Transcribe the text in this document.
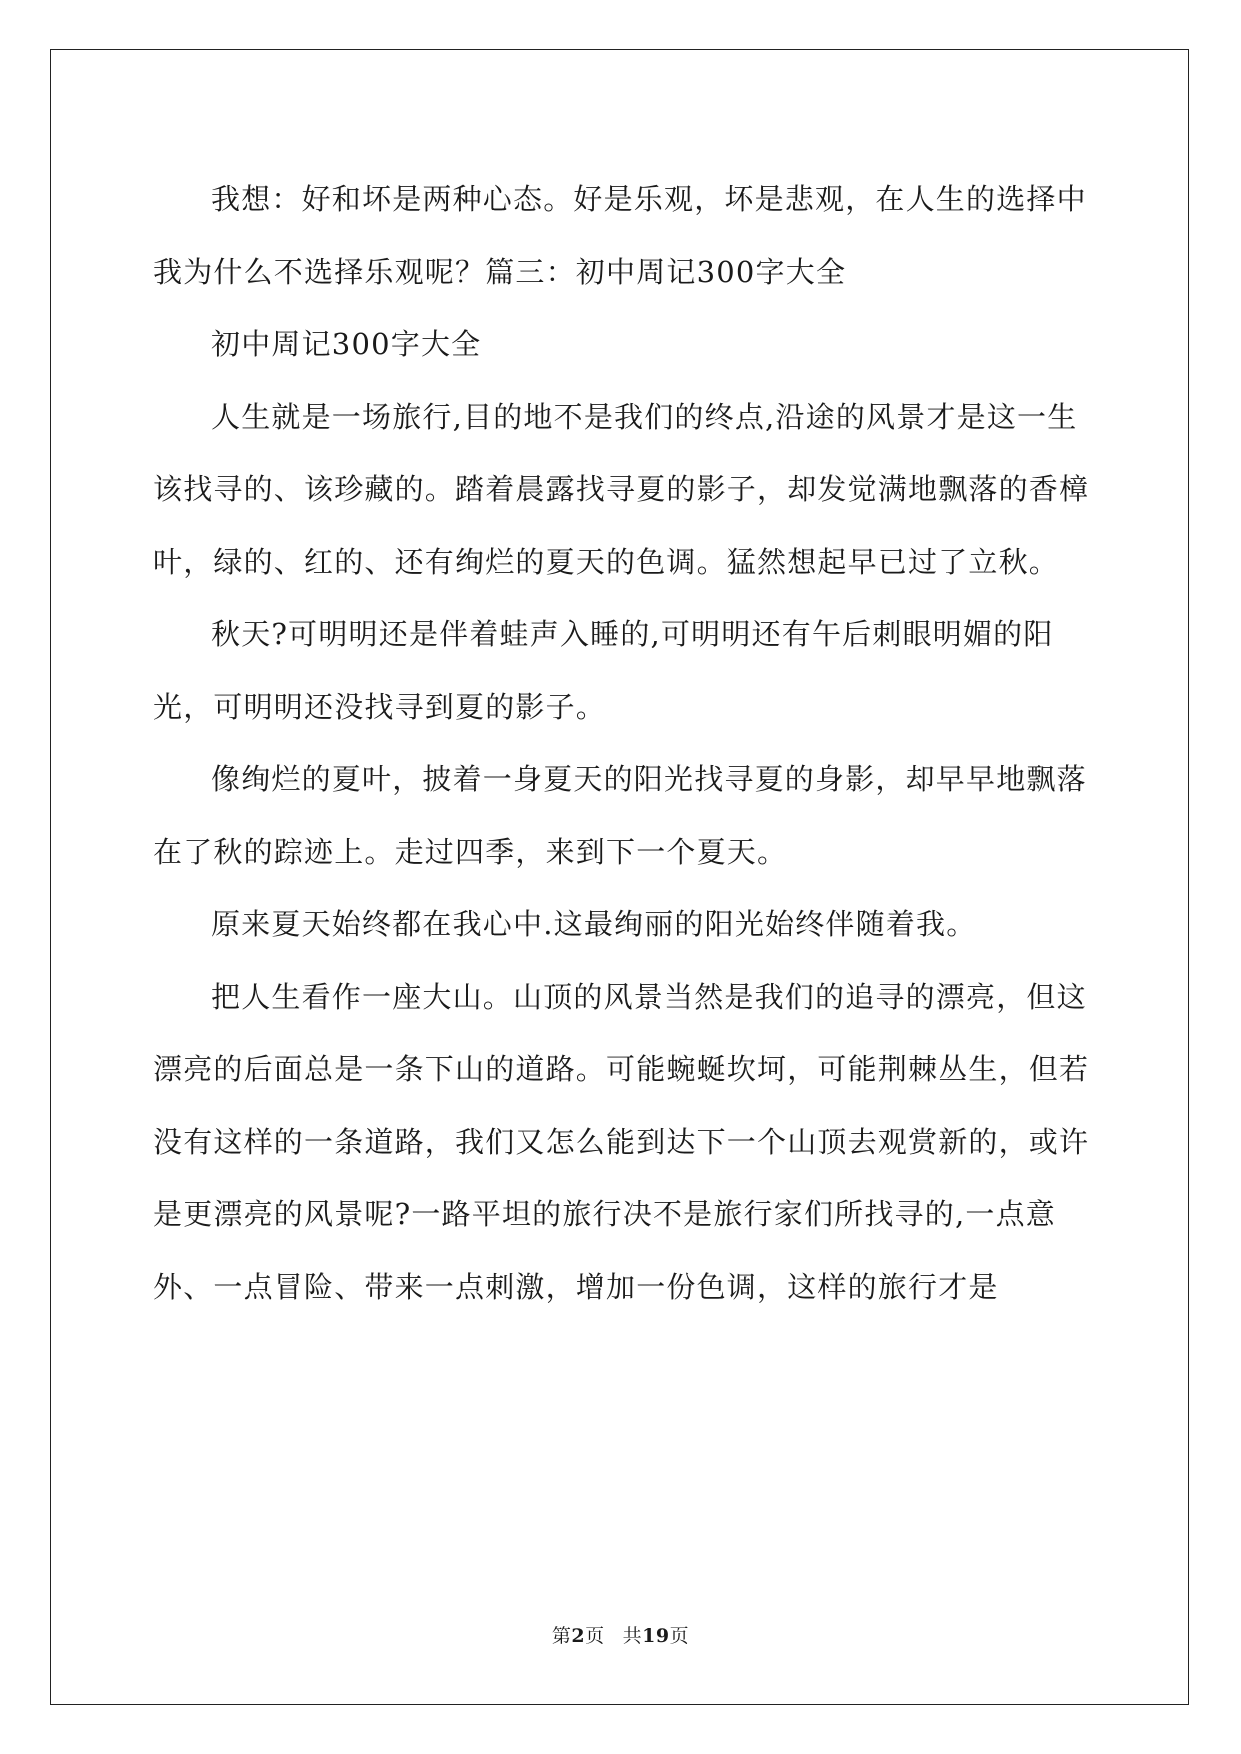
我想：好和坏是两种心态。好是乐观，坏是悲观，在人生的选择中我为什么不选择乐观呢？篇三：初中周记300字大全

初中周记300字大全

人生就是一场旅行,目的地不是我们的终点,沿途的风景才是这一生该找寻的、该珍藏的。踏着晨露找寻夏的影子，却发觉满地飘落的香樟叶，绿的、红的、还有绚烂的夏天的色调。猛然想起早已过了立秋。

秋天?可明明还是伴着蛙声入睡的,可明明还有午后刺眼明媚的阳光，可明明还没找寻到夏的影子。

像绚烂的夏叶，披着一身夏天的阳光找寻夏的身影，却早早地飘落在了秋的踪迹上。走过四季，来到下一个夏天。

原来夏天始终都在我心中.这最绚丽的阳光始终伴随着我。

把人生看作一座大山。山顶的风景当然是我们的追寻的漂亮，但这漂亮的后面总是一条下山的道路。可能蜿蜒坎坷，可能荆棘丛生，但若没有这样的一条道路，我们又怎么能到达下一个山顶去观赏新的，或许是更漂亮的风景呢?一路平坦的旅行决不是旅行家们所找寻的,一点意外、一点冒险、带来一点刺激，增加一份色调，这样的旅行才是

第2页 共19页
